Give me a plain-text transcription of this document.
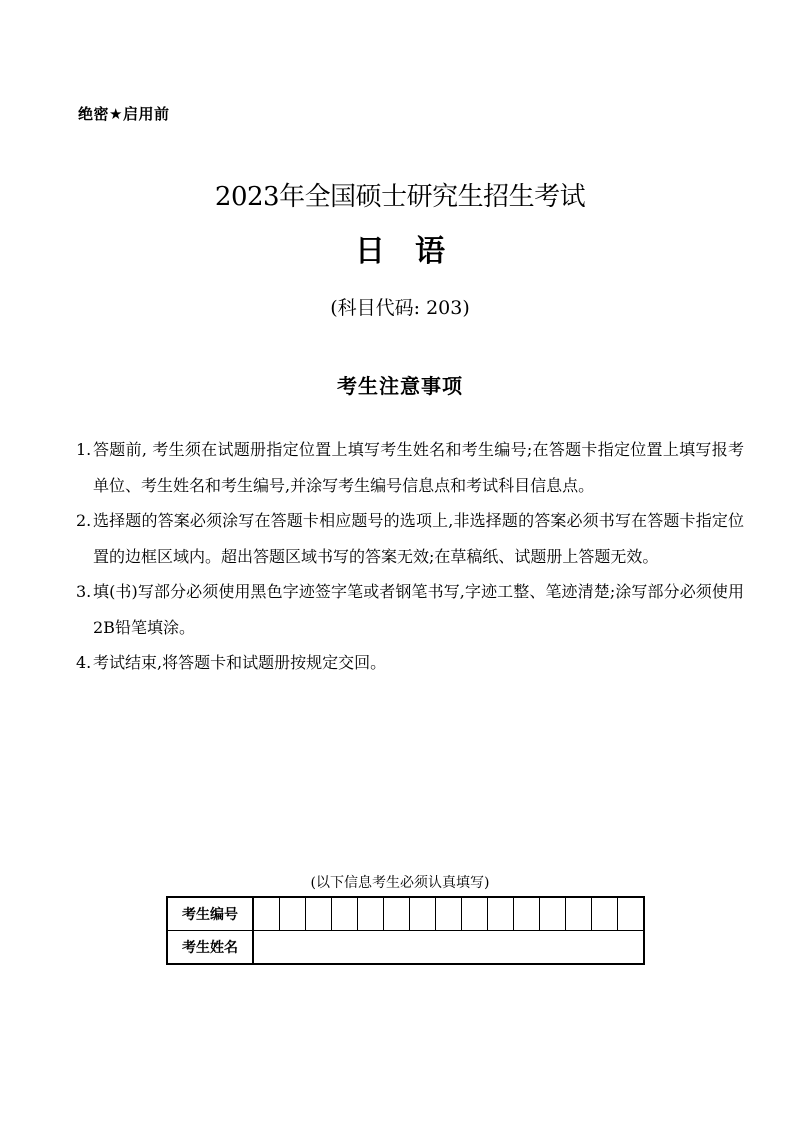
绝密★启用前
2023年全国硕士研究生招生考试
日语
(科目代码: 203)
考生注意事项
1. 答题前, 考生须在试题册指定位置上填写考生姓名和考生编号;在答题卡指定位置上填写报考单位、考生姓名和考生编号,并涂写考生编号信息点和考试科目信息点。
2. 选择题的答案必须涂写在答题卡相应题号的选项上,非选择题的答案必须书写在答题卡指定位置的边框区域内。超出答题区域书写的答案无效;在草稿纸、试题册上答题无效。
3. 填(书)写部分必须使用黑色字迹签字笔或者钢笔书写,字迹工整、笔迹清楚;涂写部分必须使用2B铅笔填涂。
4. 考试结束,将答题卡和试题册按规定交回。
(以下信息考生必须认真填写)
考生编号															
考生姓名															
